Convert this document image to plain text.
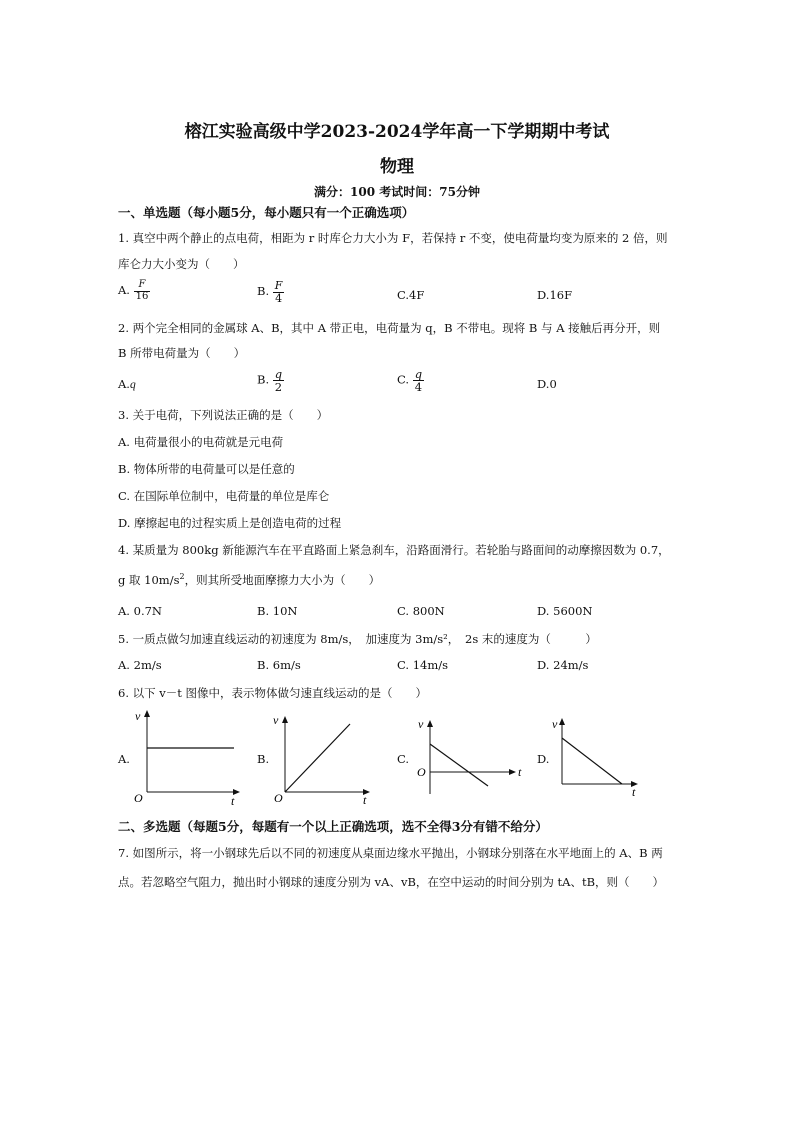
榕江实验高级中学2023-2024学年高一下学期期中考试
物理
满分：100 考试时间：75分钟
一、单选题（每小题5分，每小题只有一个正确选项）
1. 真空中两个静止的点电荷，相距为 r 时库仑力大小为 F，若保持 r 不变，使电荷量均变为原来的 2 倍，则
库仑力大小变为（　　）
A. $\frac{F}{16}$	B. $\frac{F}{4}$	C.4F	D.16F
2. 两个完全相同的金属球 A、B，其中 A 带正电，电荷量为 q，B 不带电。现将 B 与 A 接触后再分开，则
B 所带电荷量为（　　）
A.q	B. $\frac{q}{2}$	C. $\frac{q}{4}$	D.0
3. 关于电荷，下列说法正确的是（　　）
A. 电荷量很小的电荷就是元电荷
B. 物体所带的电荷量可以是任意的
C. 在国际单位制中，电荷量的单位是库仑
D. 摩擦起电的过程实质上是创造电荷的过程
4. 某质量为 800kg 新能源汽车在平直路面上紧急刹车，沿路面滑行。若轮胎与路面间的动摩擦因数为 0.7，
g 取 $10m/s^2$，则其所受地面摩擦力大小为（　　）
A. 0.7N	B. 10N	C. 800N	D. 5600N
5. 一质点做匀加速直线运动的初速度为 8m/s，　加速度为 3m/s²，　2s 末的速度为（　　　）
A. 2m/s	B. 6m/s	C. 14m/s	D. 24m/s
6. 以下 v－t 图像中，表示物体做匀速直线运动的是（　　）
A.
v
O	t
B.
v
O	t
C.
v
O	t
D.
v
t
二、多选题（每题5分，每题有一个以上正确选项，选不全得3分有错不给分）
7. 如图所示，将一小钢球先后以不同的初速度从桌面边缘水平抛出，小钢球分别落在水平地面上的 A、B 两
点。若忽略空气阻力，抛出时小钢球的速度分别为 vA、vB，在空中运动的时间分别为 tA、tB，则（　　）
